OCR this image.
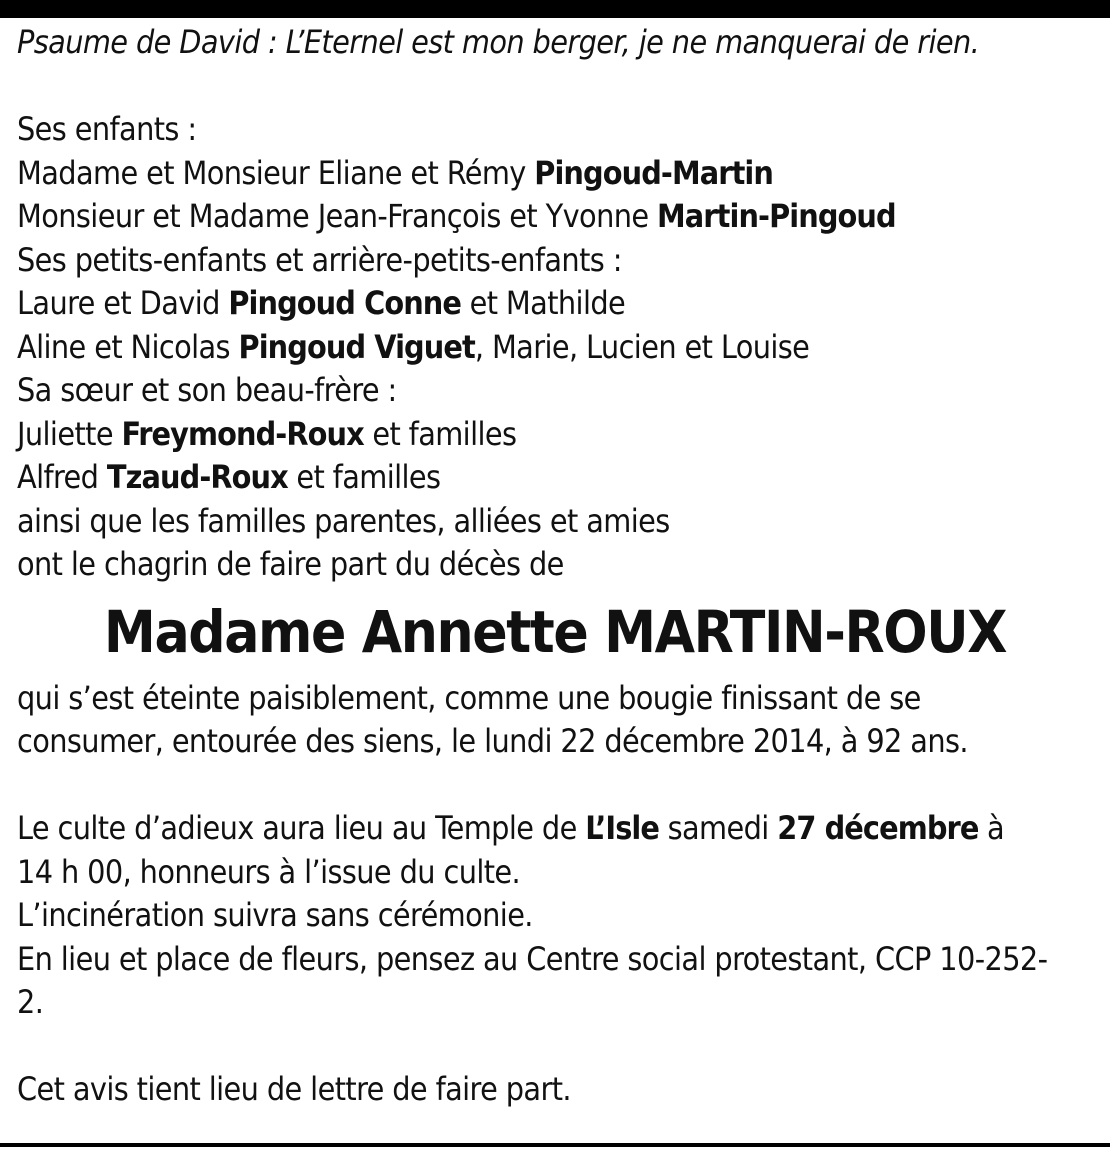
Psaume de David : L’Eternel est mon berger, je ne manquerai de rien.
Ses enfants :
Madame et Monsieur Eliane et Rémy Pingoud-Martin
Monsieur et Madame Jean-François et Yvonne Martin-Pingoud
Ses petits-enfants et arrière-petits-enfants :
Laure et David Pingoud Conne et Mathilde
Aline et Nicolas Pingoud Viguet, Marie, Lucien et Louise
Sa sœur et son beau-frère :
Juliette Freymond-Roux et familles
Alfred Tzaud-Roux et familles
ainsi que les familles parentes, alliées et amies
ont le chagrin de faire part du décès de
Madame Annette MARTIN-ROUX
qui s’est éteinte paisiblement, comme une bougie finissant de se
consumer, entourée des siens, le lundi 22 décembre 2014, à 92 ans.
Le culte d’adieux aura lieu au Temple de L’Isle samedi 27 décembre à
14 h 00, honneurs à l’issue du culte.
L’incinération suivra sans cérémonie.
En lieu et place de fleurs, pensez au Centre social protestant, CCP 10-252-
2.
Cet avis tient lieu de lettre de faire part.
